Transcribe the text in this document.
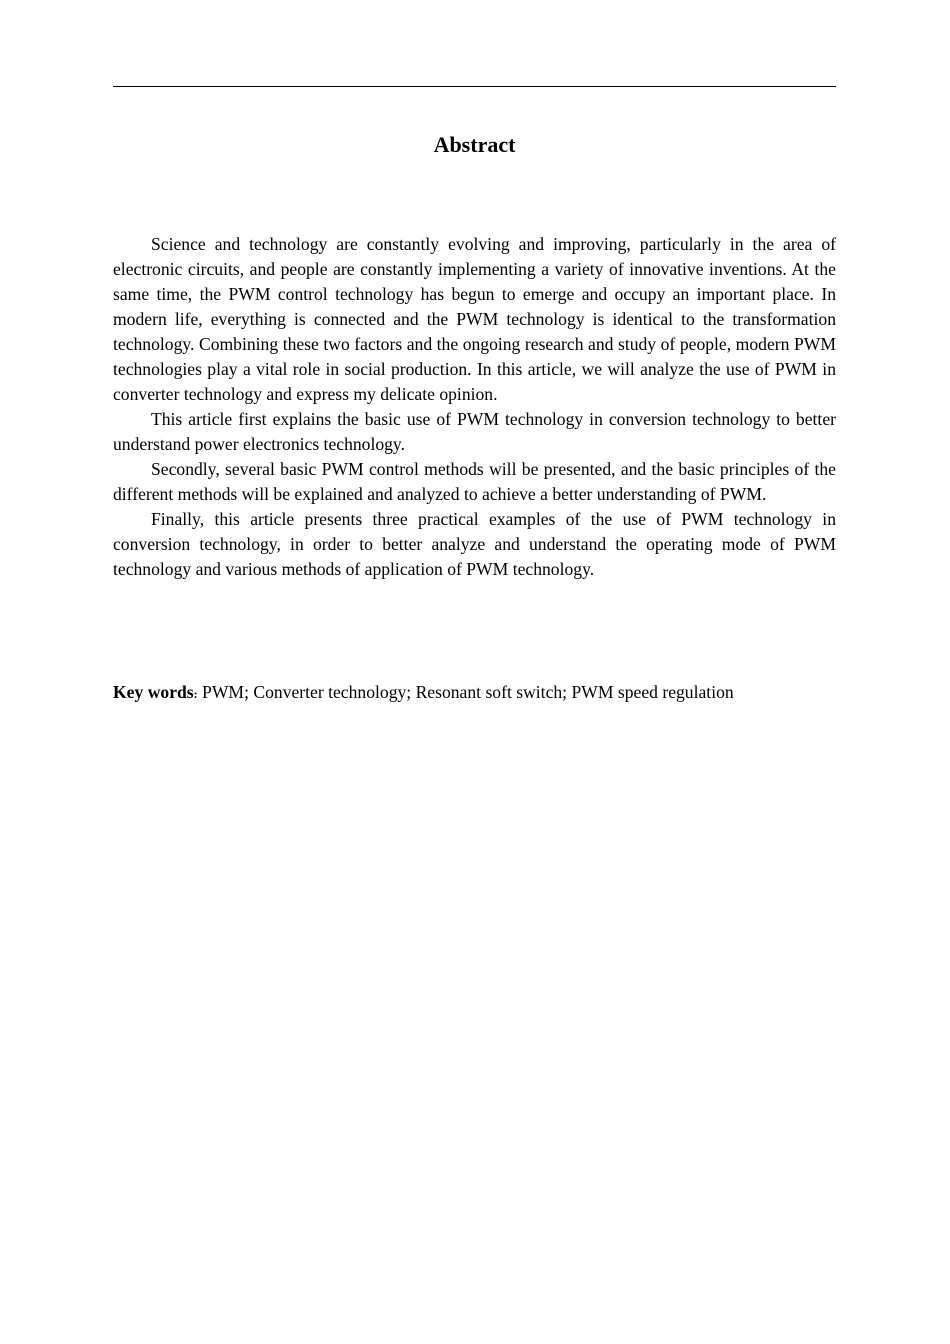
Abstract

Science and technology are constantly evolving and improving, particularly in the area of electronic circuits, and people are constantly implementing a variety of innovative inventions. At the same time, the PWM control technology has begun to emerge and occupy an important place. In modern life, everything is connected and the PWM technology is identical to the transformation technology. Combining these two factors and the ongoing research and study of people, modern PWM technologies play a vital role in social production. In this article, we will analyze the use of PWM in converter technology and express my delicate opinion.

This article first explains the basic use of PWM technology in conversion technology to better understand power electronics technology.

Secondly, several basic PWM control methods will be presented, and the basic principles of the different methods will be explained and analyzed to achieve a better understanding of PWM.

Finally, this article presents three practical examples of the use of PWM technology in conversion technology, in order to better analyze and understand the operating mode of PWM technology and various methods of application of PWM technology.

Key words: PWM; Converter technology; Resonant soft switch; PWM speed regulation
